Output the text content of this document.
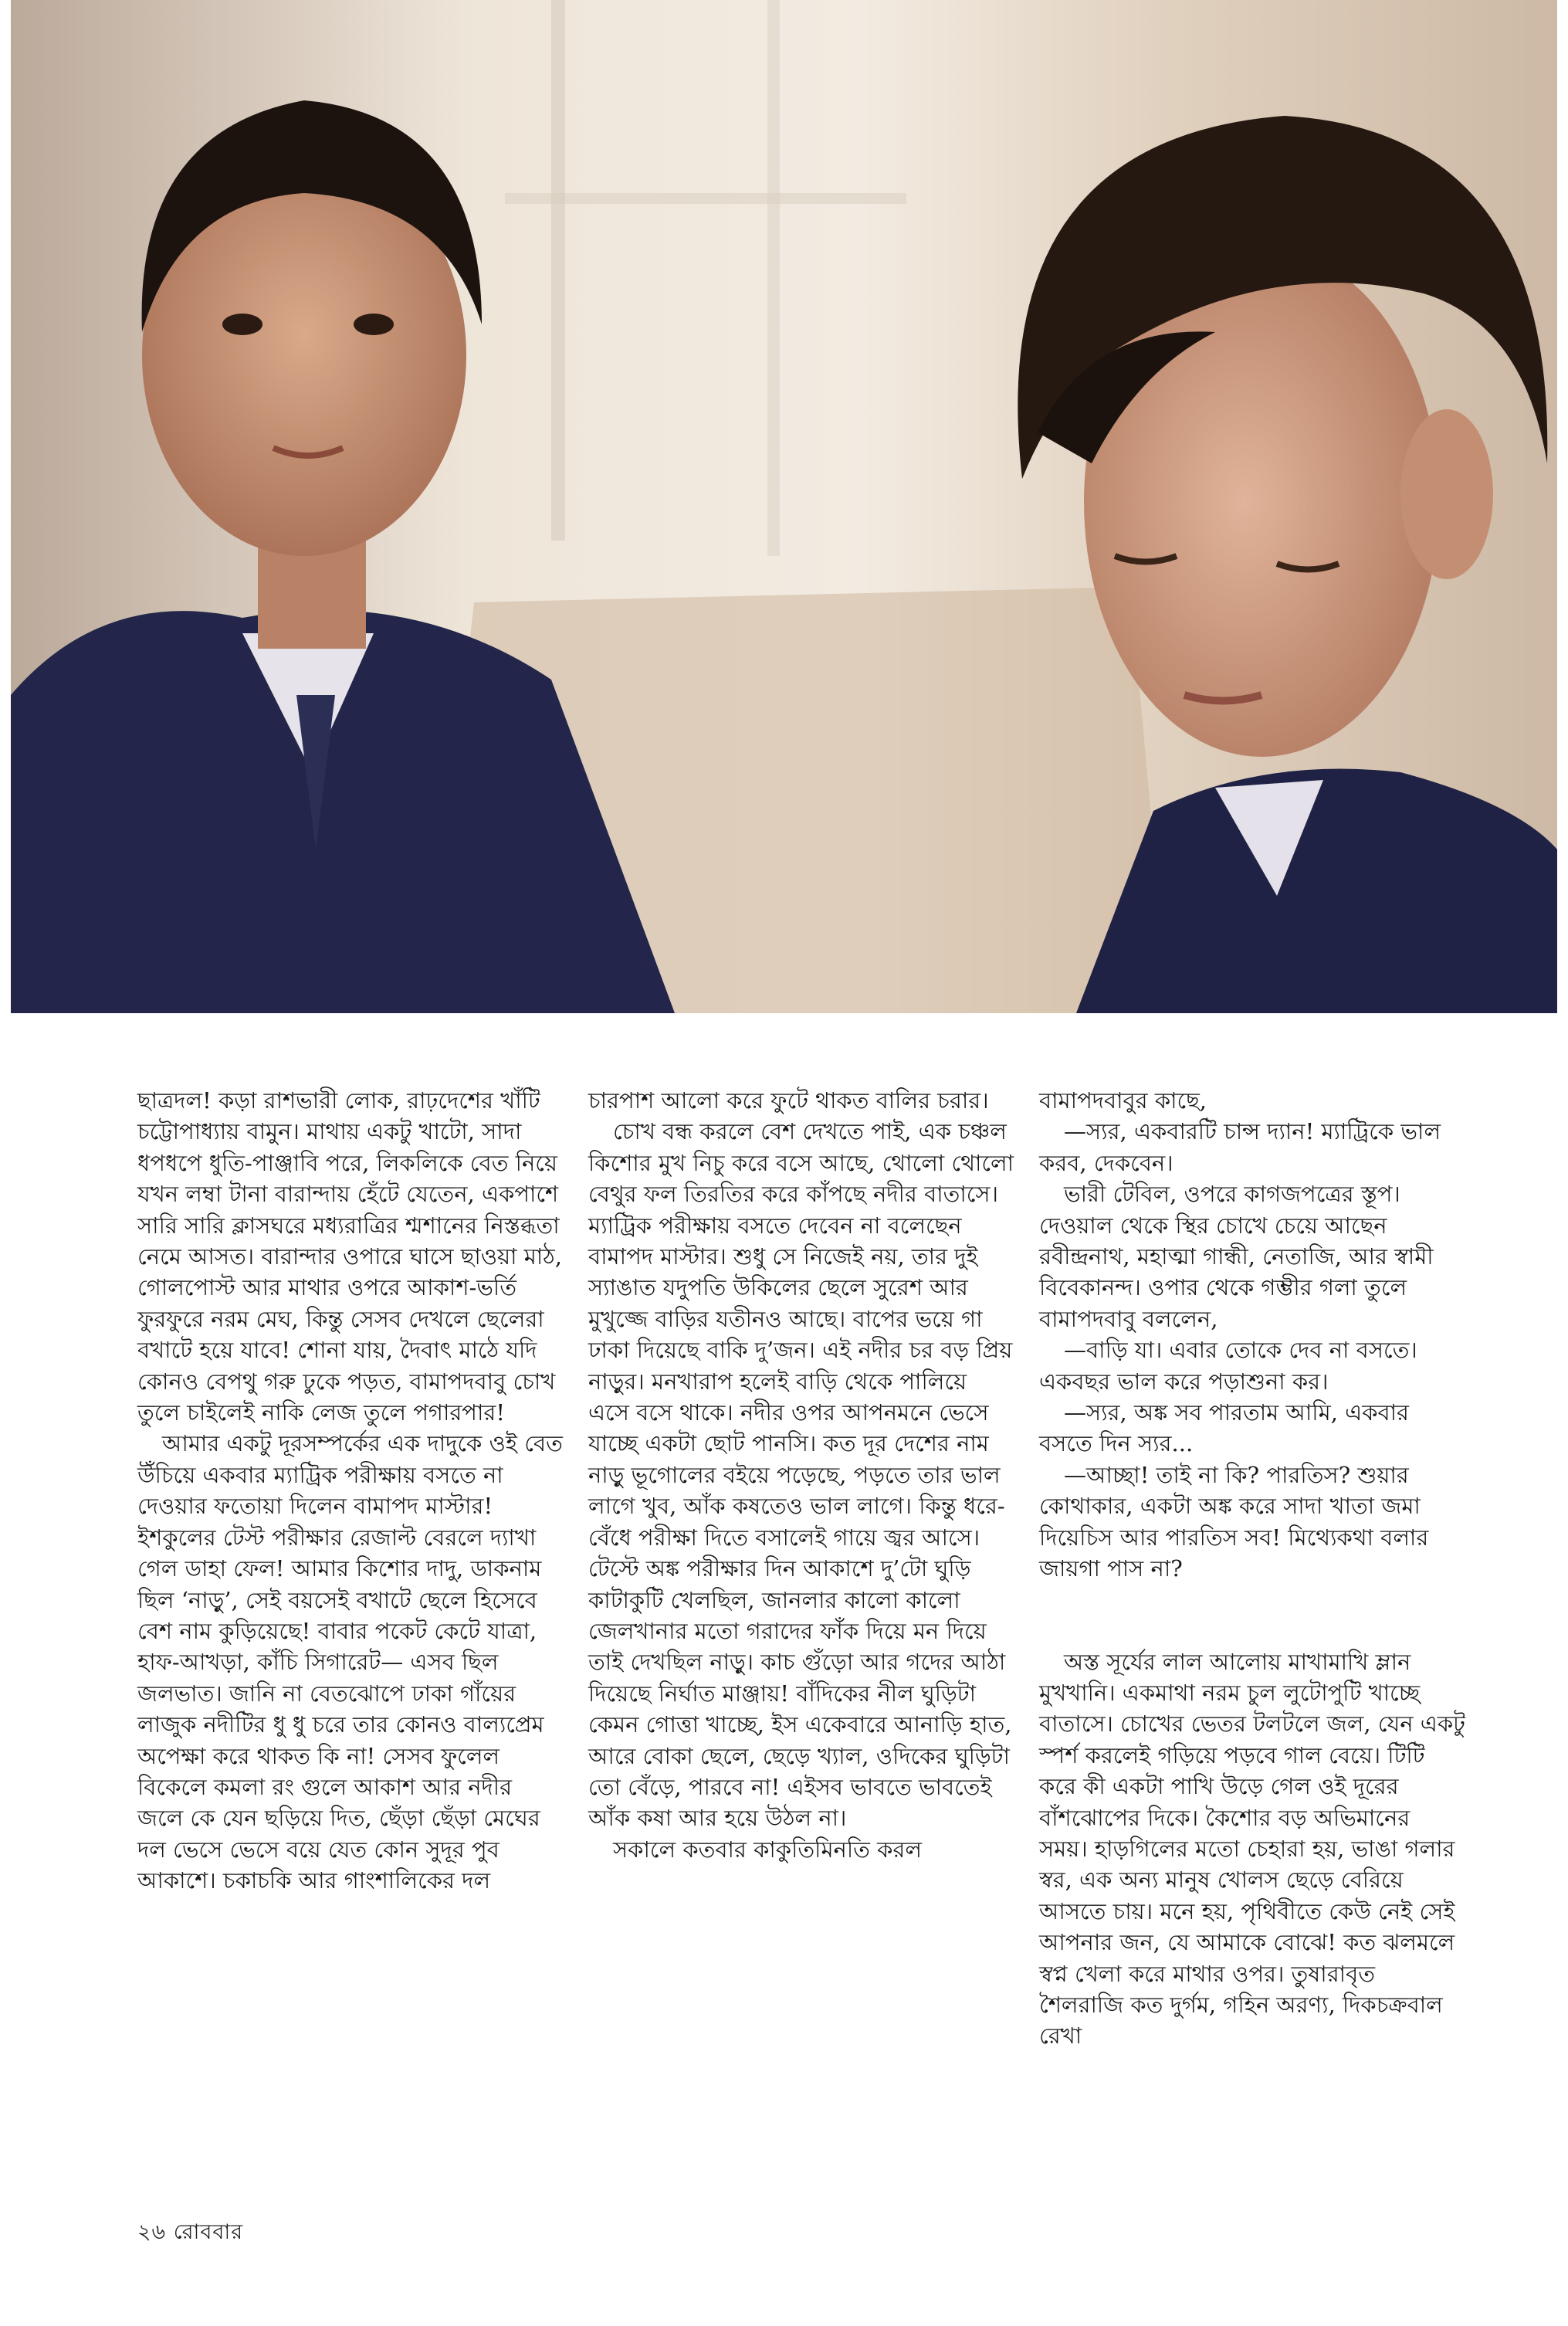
ছাত্রদল! কড়া রাশভারী লোক, রাঢ়দেশের খাঁটি চট্টোপাধ্যায় বামুন। মাথায় একটু খাটো, সাদা ধপধপে ধুতি-পাঞ্জাবি পরে, লিকলিকে বেত নিয়ে যখন লম্বা টানা বারান্দায় হেঁটে যেতেন, একপাশে সারি সারি ক্লাসঘরে মধ্যরাত্রির শ্মশানের নিস্তব্ধতা নেমে আসত। বারান্দার ওপারে ঘাসে ছাওয়া মাঠ, গোলপোস্ট আর মাথার ওপরে আকাশ-ভর্তি ফুরফুরে নরম মেঘ, কিন্তু সেসব দেখলে ছেলেরা বখাটে হয়ে যাবে! শোনা যায়, দৈবাৎ মাঠে যদি কোনও বেপথু গরু ঢুকে পড়ত, বামাপদবাবু চোখ তুলে চাইলেই নাকি লেজ তুলে পগারপার!

আমার একটু দূরসম্পর্কের এক দাদুকে ওই বেত উঁচিয়ে একবার ম্যাট্রিক পরীক্ষায় বসতে না দেওয়ার ফতোয়া দিলেন বামাপদ মাস্টার! ইশকুলের টেস্ট পরীক্ষার রেজাল্ট বেরলে দ্যাখা গেল ডাহা ফেল! আমার কিশোর দাদু, ডাকনাম ছিল ‘নাড়ু’, সেই বয়সেই বখাটে ছেলে হিসেবে বেশ নাম কুড়িয়েছে! বাবার পকেট কেটে যাত্রা, হাফ-আখড়া, কাঁচি সিগারেট— এসব ছিল জলভাত। জানি না বেতঝোপে ঢাকা গাঁয়ের লাজুক নদীটির ধু ধু চরে তার কোনও বাল্যপ্রেম অপেক্ষা করে থাকত কি না! সেসব ফুলেল বিকেলে কমলা রং গুলে আকাশ আর নদীর জলে কে যেন ছড়িয়ে দিত, ছেঁড়া ছেঁড়া মেঘের দল ভেসে ভেসে বয়ে যেত কোন সুদূর পুব আকাশে। চকাচকি আর গাংশালিকের দল

চারপাশ আলো করে ফুটে থাকত বালির চরার।

চোখ বন্ধ করলে বেশ দেখতে পাই, এক চঞ্চল কিশোর মুখ নিচু করে বসে আছে, থোলো থোলো বেথুর ফল তিরতির করে কাঁপছে নদীর বাতাসে। ম্যাট্রিক পরীক্ষায় বসতে দেবেন না বলেছেন বামাপদ মাস্টার। শুধু সে নিজেই নয়, তার দুই স্যাঙাত যদুপতি উকিলের ছেলে সুরেশ আর মুখুজ্জে বাড়ির যতীনও আছে। বাপের ভয়ে গা ঢাকা দিয়েছে বাকি দু’জন। এই নদীর চর বড় প্রিয় নাড়ুর। মনখারাপ হলেই বাড়ি থেকে পালিয়ে এসে বসে থাকে। নদীর ওপর আপনমনে ভেসে যাচ্ছে একটা ছোট পানসি। কত দূর দেশের নাম নাড়ু ভূগোলের বইয়ে পড়েছে, পড়তে তার ভাল লাগে খুব, আঁক কষতেও ভাল লাগে। কিন্তু ধরে-বেঁধে পরীক্ষা দিতে বসালেই গায়ে জ্বর আসে। টেস্টে অঙ্ক পরীক্ষার দিন আকাশে দু’টো ঘুড়ি কাটাকুটি খেলছিল, জানলার কালো কালো জেলখানার মতো গরাদের ফাঁক দিয়ে মন দিয়ে তাই দেখছিল নাড়ু। কাচ গুঁড়ো আর গদের আঠা দিয়েছে নির্ঘাত মাঞ্জায়! বাঁদিকের নীল ঘুড়িটা কেমন গোত্তা খাচ্ছে, ইস একেবারে আনাড়ি হাত, আরে বোকা ছেলে, ছেড়ে খ্যাল, ওদিকের ঘুড়িটা তো বেঁড়ে, পারবে না! এইসব ভাবতে ভাবতেই আঁক কষা আর হয়ে উঠল না।

সকালে কতবার কাকুতিমিনতি করল

বামাপদবাবুর কাছে,

—স্যর, একবারটি চান্স দ্যান! ম্যাট্রিকে ভাল করব, দেকবেন।

ভারী টেবিল, ওপরে কাগজপত্রের স্তূপ। দেওয়াল থেকে স্থির চোখে চেয়ে আছেন রবীন্দ্রনাথ, মহাত্মা গান্ধী, নেতাজি, আর স্বামী বিবেকানন্দ। ওপার থেকে গম্ভীর গলা তুলে বামাপদবাবু বললেন,

—বাড়ি যা। এবার তোকে দেব না বসতে। একবছর ভাল করে পড়াশুনা কর।

—স্যর, অঙ্ক সব পারতাম আমি, একবার বসতে দিন স্যর...

—আচ্ছা! তাই না কি? পারতিস? শুয়ার কোথাকার, একটা অঙ্ক করে সাদা খাতা জমা দিয়েচিস আর পারতিস সব! মিথ্যেকথা বলার জায়গা পাস না?

অস্ত সূর্যের লাল আলোয় মাখামাখি ম্লান মুখখানি। একমাথা নরম চুল লুটোপুটি খাচ্ছে বাতাসে। চোখের ভেতর টলটলে জল, যেন একটু স্পর্শ করলেই গড়িয়ে পড়বে গাল বেয়ে। টিটি করে কী একটা পাখি উড়ে গেল ওই দূরের বাঁশঝোপের দিকে। কৈশোর বড় অভিমানের সময়। হাড়গিলের মতো চেহারা হয়, ভাঙা গলার স্বর, এক অন্য মানুষ খোলস ছেড়ে বেরিয়ে আসতে চায়। মনে হয়, পৃথিবীতে কেউ নেই সেই আপনার জন, যে আমাকে বোঝে! কত ঝলমলে স্বপ্ন খেলা করে মাথার ওপর। তুষারাবৃত শৈলরাজি কত দুর্গম, গহিন অরণ্য, দিকচক্রবাল রেখা

২৬ রোববার
